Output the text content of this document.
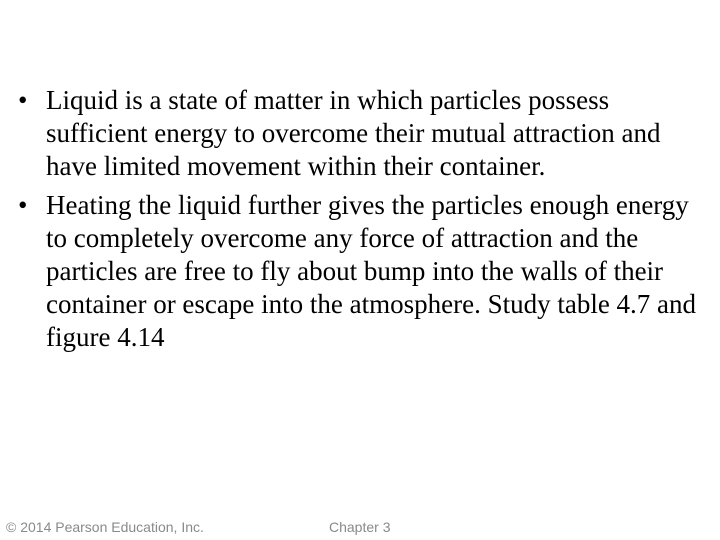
• Liquid is a state of matter in which particles possess sufficient energy to overcome their mutual attraction and have limited movement within their container.
• Heating the liquid further gives the particles enough energy to completely overcome any force of attraction and the particles are free to fly about bump into the walls of their container or escape into the atmosphere. Study table 4.7 and figure 4.14
© 2014 Pearson Education, Inc.	Chapter 3
